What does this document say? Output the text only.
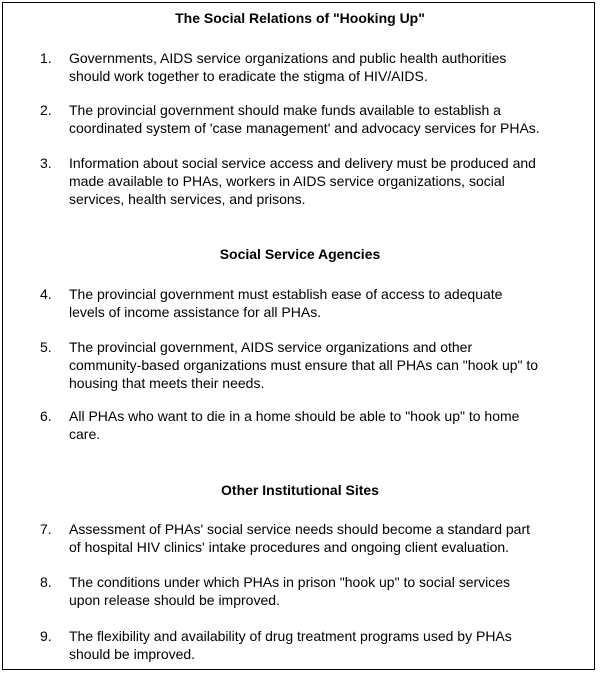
The Social Relations of "Hooking Up"
1.	Governments, AIDS service organizations and public health authorities
should work together to eradicate the stigma of HIV/AIDS.
2.	The provincial government should make funds available to establish a
coordinated system of 'case management' and advocacy services for PHAs.
3.	Information about social service access and delivery must be produced and
made available to PHAs, workers in AIDS service organizations, social
services, health services, and prisons.
Social Service Agencies
4.	The provincial government must establish ease of access to adequate
levels of income assistance for all PHAs.
5.	The provincial government, AIDS service organizations and other
community-based organizations must ensure that all PHAs can "hook up" to
housing that meets their needs.
6.	All PHAs who want to die in a home should be able to "hook up" to home
care.
Other Institutional Sites
7.	Assessment of PHAs' social service needs should become a standard part
of hospital HIV clinics' intake procedures and ongoing client evaluation.
8.	The conditions under which PHAs in prison "hook up" to social services
upon release should be improved.
9.	The flexibility and availability of drug treatment programs used by PHAs
should be improved.
